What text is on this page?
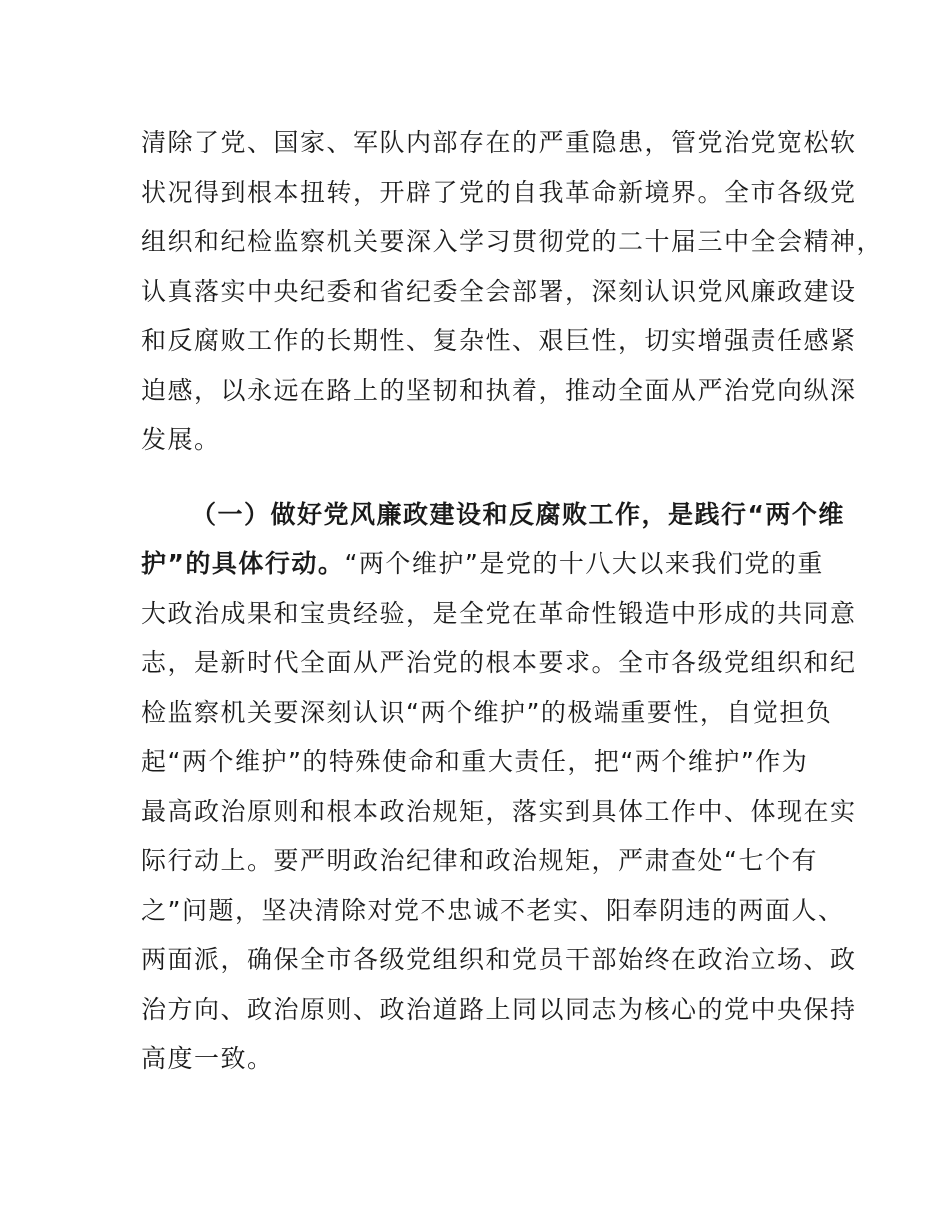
清除了党、国家、军队内部存在的严重隐患，管党治党宽松软
状况得到根本扭转，开辟了党的自我革命新境界。全市各级党
组织和纪检监察机关要深入学习贯彻党的二十届三中全会精神，
认真落实中央纪委和省纪委全会部署，深刻认识党风廉政建设
和反腐败工作的长期性、复杂性、艰巨性，切实增强责任感紧
迫感，以永远在路上的坚韧和执着，推动全面从严治党向纵深
发展。
（一）做好党风廉政建设和反腐败工作，是践行“两个维
护”的具体行动。“两个维护”是党的十八大以来我们党的重
大政治成果和宝贵经验，是全党在革命性锻造中形成的共同意
志，是新时代全面从严治党的根本要求。全市各级党组织和纪
检监察机关要深刻认识“两个维护”的极端重要性，自觉担负
起“两个维护”的特殊使命和重大责任，把“两个维护”作为
最高政治原则和根本政治规矩，落实到具体工作中、体现在实
际行动上。要严明政治纪律和政治规矩，严肃查处“七个有
之”问题，坚决清除对党不忠诚不老实、阳奉阴违的两面人、
两面派，确保全市各级党组织和党员干部始终在政治立场、政
治方向、政治原则、政治道路上同以同志为核心的党中央保持
高度一致。
